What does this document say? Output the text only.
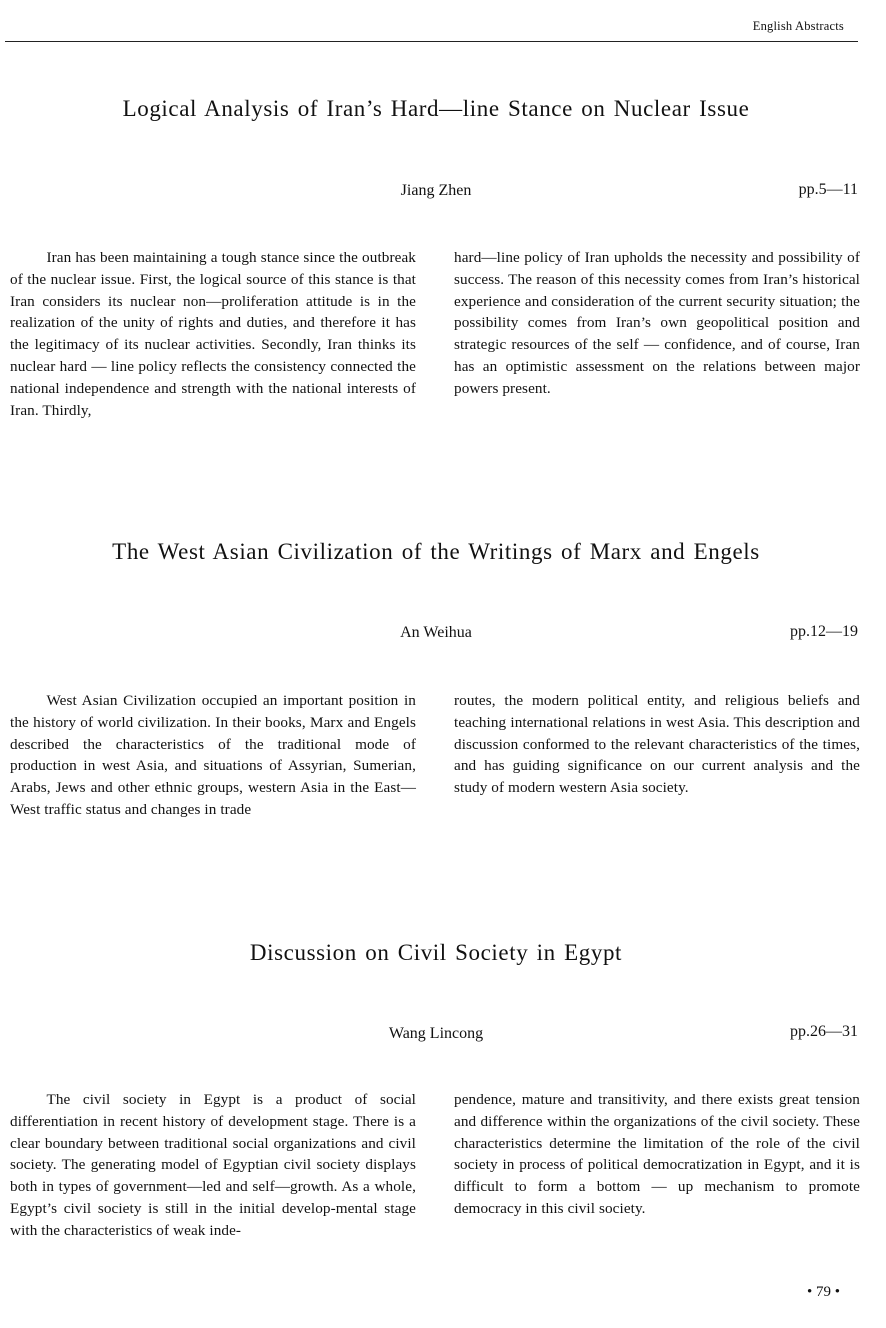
English Abstracts
Logical Analysis of Iran’s Hard—line Stance on Nuclear Issue
Jiang Zhen	pp.5—11

Iran has been maintaining a tough stance since the outbreak of the nuclear issue. First, the logical source of this stance is that Iran considers its nuclear non—proliferation attitude is in the realization of the unity of rights and duties, and therefore it has the legitimacy of its nuclear activities. Secondly, Iran thinks its nuclear hard — line policy reflects the consistency connected the national independence and strength with the national interests of Iran. Thirdly,

hard—line policy of Iran upholds the necessity and possibility of success. The reason of this necessity comes from Iran’s historical experience and consideration of the current security situation; the possibility comes from Iran’s own geopolitical position and strategic resources of the self — confidence, and of course, Iran has an optimistic assessment on the relations between major powers present.

The West Asian Civilization of the Writings of Marx and Engels
An Weihua	pp.12—19

West Asian Civilization occupied an important position in the history of world civilization. In their books, Marx and Engels described the characteristics of the traditional mode of production in west Asia, and situations of Assyrian, Sumerian, Arabs, Jews and other ethnic groups, western Asia in the East—West traffic status and changes in trade

routes, the modern political entity, and religious beliefs and teaching international relations in west Asia. This description and discussion conformed to the relevant characteristics of the times, and has guiding significance on our current analysis and the study of modern western Asia society.

Discussion on Civil Society in Egypt
Wang Lincong	pp.26—31

The civil society in Egypt is a product of social differentiation in recent history of development stage. There is a clear boundary between traditional social organizations and civil society. The generating model of Egyptian civil society displays both in types of government—led and self—growth. As a whole, Egypt’s civil society is still in the initial develop-mental stage with the characteristics of weak inde-

pendence, mature and transitivity, and there exists great tension and difference within the organizations of the civil society. These characteristics determine the limitation of the role of the civil society in process of political democratization in Egypt, and it is difficult to form a bottom — up mechanism to promote democracy in this civil society.

• 79 •
